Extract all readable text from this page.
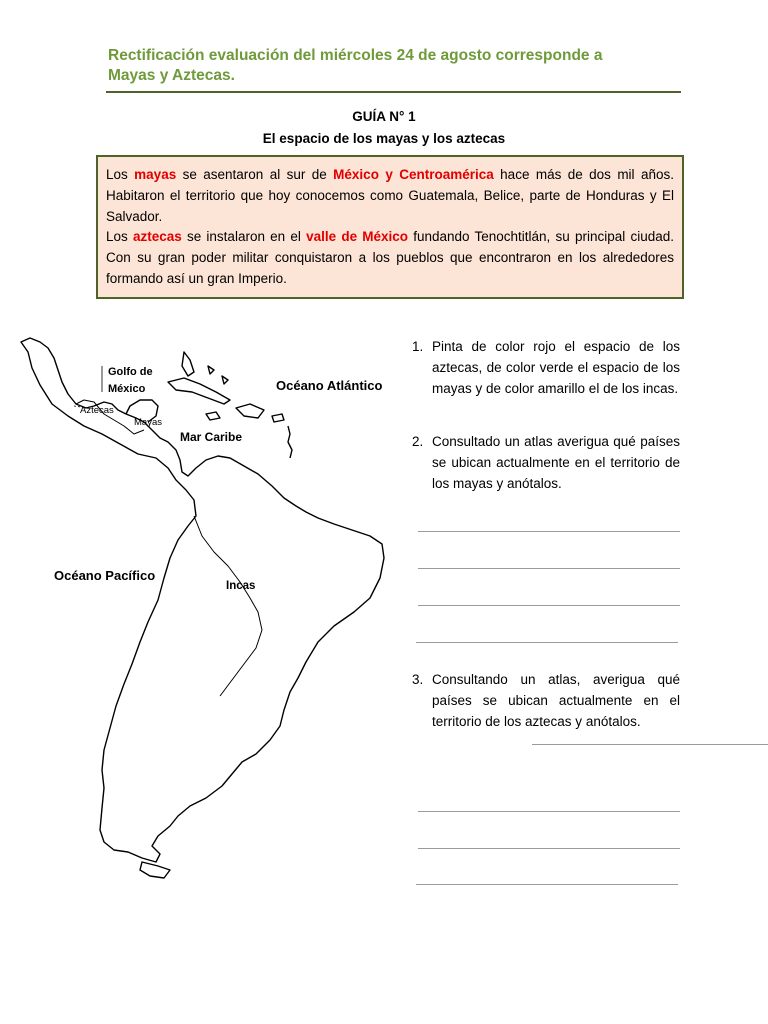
Rectificación evaluación del miércoles 24 de agosto corresponde a
Mayas y Aztecas.
GUÍA N° 1
El espacio de los mayas y los aztecas

Los mayas se asentaron al sur de México y Centroamérica hace más de dos mil años. Habitaron el territorio que hoy conocemos como Guatemala, Belice, parte de Honduras y El Salvador.

Los aztecas se instalaron en el valle de México fundando Tenochtitlán, su principal ciudad. Con su gran poder militar conquistaron a los pueblos que encontraron en los alrededores formando así un gran Imperio.

Golfo de
México
Aztecas
Mayas
Océano Atlántico
Mar Caribe
Océano Pacífico
Incas
1. Pinta de color rojo el espacio de los aztecas, de color verde el espacio de los mayas y de color amarillo el de los incas.
2. Consultado un atlas averigua qué países se ubican actualmente en el territorio de los mayas y anótalos.
3. Consultando un atlas, averigua qué países se ubican actualmente en el territorio de los aztecas y anótalos.
